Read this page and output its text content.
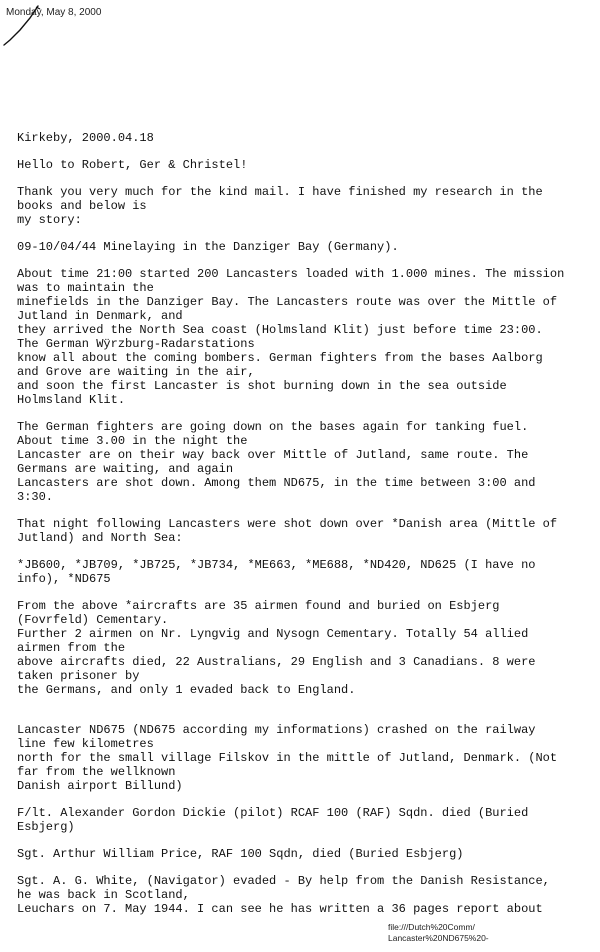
Monday, May 8, 2000
Kirkeby, 2000.04.18
Hello to Robert, Ger & Christel!
Thank you very much for the kind mail. I have finished my research in the
books and below is
my story:
09-10/04/44 Minelaying in the Danziger Bay (Germany).
About time 21:00 started 200 Lancasters loaded with 1.000 mines. The mission
was to maintain the
minefields in the Danziger Bay. The Lancasters route was over the Mittle of
Jutland in Denmark, and
they arrived the North Sea coast (Holmsland Klit) just before time 23:00.
The German Wÿrzburg-Radarstations
know all about the coming bombers. German fighters from the bases Aalborg
and Grove are waiting in the air,
and soon the first Lancaster is shot burning down in the sea outside
Holmsland Klit.
The German fighters are going down on the bases again for tanking fuel.
About time 3.00 in the night the
Lancaster are on their way back over Mittle of Jutland, same route. The
Germans are waiting, and again
Lancasters are shot down. Among them ND675, in the time between 3:00 and
3:30.
That night following Lancasters were shot down over *Danish area (Mittle of
Jutland) and North Sea:
*JB600, *JB709, *JB725, *JB734, *ME663, *ME688, *ND420, ND625 (I have no
info), *ND675
From the above *aircrafts are 35 airmen found and buried on Esbjerg
(Fovrfeld) Cementary.
Further 2 airmen on Nr. Lyngvig and Nysogn Cementary. Totally 54 allied
airmen from the
above aircrafts died, 22 Australians, 29 English and 3 Canadians. 8 were
taken prisoner by
the Germans, and only 1 evaded back to England.
Lancaster ND675 (ND675 according my informations) crashed on the railway
line few kilometres
north for the small village Filskov in the mittle of Jutland, Denmark. (Not
far from the wellknown
Danish airport Billund)
F/lt. Alexander Gordon Dickie (pilot) RCAF 100 (RAF) Sqdn. died (Buried
Esbjerg)
Sgt. Arthur William Price, RAF 100 Sqdn, died (Buried Esbjerg)
Sgt. A. G. White, (Navigator) evaded - By help from the Danish Resistance,
he was back in Scotland,
Leuchars on 7. May 1944. I can see he has written a 36 pages report about
file:///Dutch%20Comm/
Lancaster%20ND675%20-
